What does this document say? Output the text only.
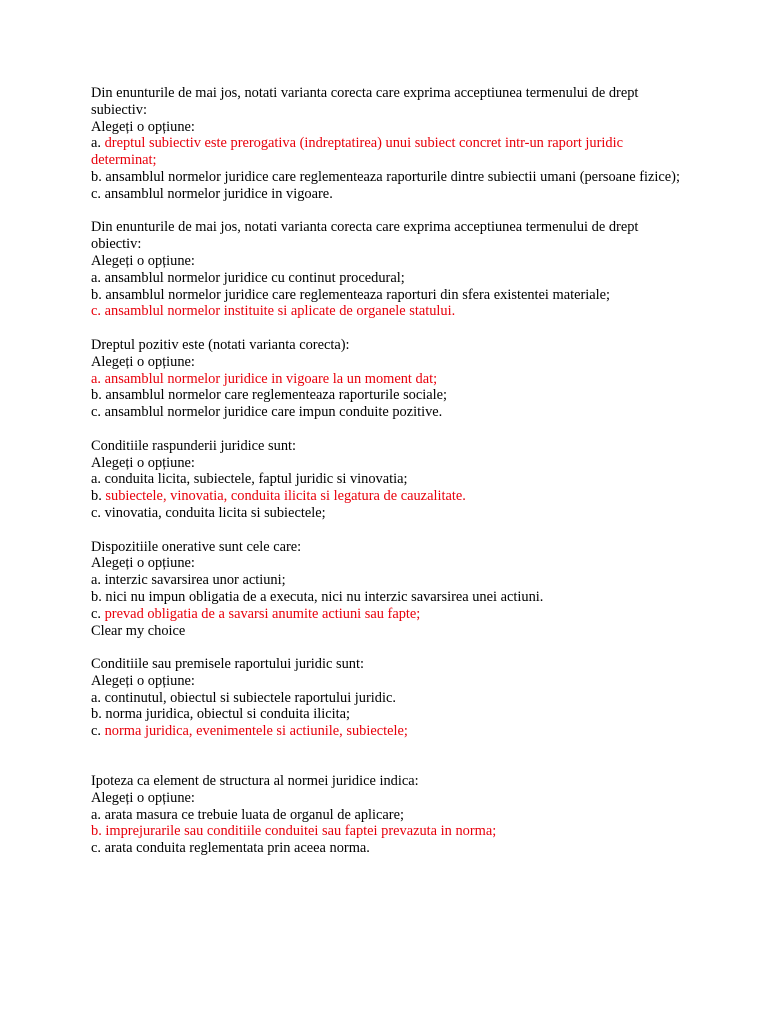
Din enunturile de mai jos, notati varianta corecta care exprima acceptiunea termenului de drept subiectiv:
Alegeți o opțiune:
a. dreptul subiectiv este prerogativa (indreptatirea) unui subiect concret intr-un raport juridic determinat;
b. ansamblul normelor juridice care reglementeaza raporturile dintre subiectii umani (persoane fizice);
c. ansamblul normelor juridice in vigoare.
Din enunturile de mai jos, notati varianta corecta care exprima acceptiunea termenului de drept obiectiv:
Alegeți o opțiune:
a. ansamblul normelor juridice cu continut procedural;
b. ansamblul normelor juridice care reglementeaza raporturi din sfera existentei materiale;
c. ansamblul normelor instituite si aplicate de organele statului.
Dreptul pozitiv este (notati varianta corecta):
Alegeți o opțiune:
a. ansamblul normelor juridice in vigoare la un moment dat;
b. ansamblul normelor care reglementeaza raporturile sociale;
c. ansamblul normelor juridice care impun conduite pozitive.
Conditiile raspunderii juridice sunt:
Alegeți o opțiune:
a. conduita licita, subiectele, faptul juridic si vinovatia;
b. subiectele, vinovatia, conduita ilicita si legatura de cauzalitate.
c. vinovatia, conduita licita si subiectele;
Dispozitiile onerative sunt cele care:
Alegeți o opțiune:
a. interzic savarsirea unor actiuni;
b. nici nu impun obligatia de a executa, nici nu interzic savarsirea unei actiuni.
c. prevad obligatia de a savarsi anumite actiuni sau fapte;
Clear my choice
Conditiile sau premisele raportului juridic sunt:
Alegeți o opțiune:
a. continutul, obiectul si subiectele raportului juridic.
b. norma juridica, obiectul si conduita ilicita;
c. norma juridica, evenimentele si actiunile, subiectele;
Ipoteza ca element de structura al normei juridice indica:
Alegeți o opțiune:
a. arata masura ce trebuie luata de organul de aplicare;
b. imprejurarile sau conditiile conduitei sau faptei prevazuta in norma;
c. arata conduita reglementata prin aceea norma.
